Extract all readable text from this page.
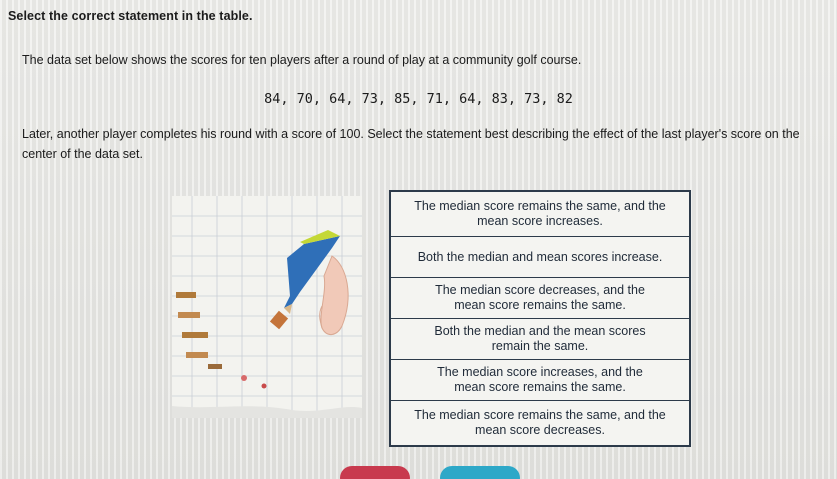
Select the correct statement in the table.
The data set below shows the scores for ten players after a round of play at a community golf course.
84, 70, 64, 73, 85, 71, 64, 83, 73, 82
Later, another player completes his round with a score of 100. Select the statement best describing the effect of the last player's score on the center of the data set.
The median score remains the same, and the
mean score increases.
Both the median and mean scores increase.
The median score decreases, and the
mean score remains the same.
Both the median and the mean scores
remain the same.
The median score increases, and the
mean score remains the same.
The median score remains the same, and the
mean score decreases.
